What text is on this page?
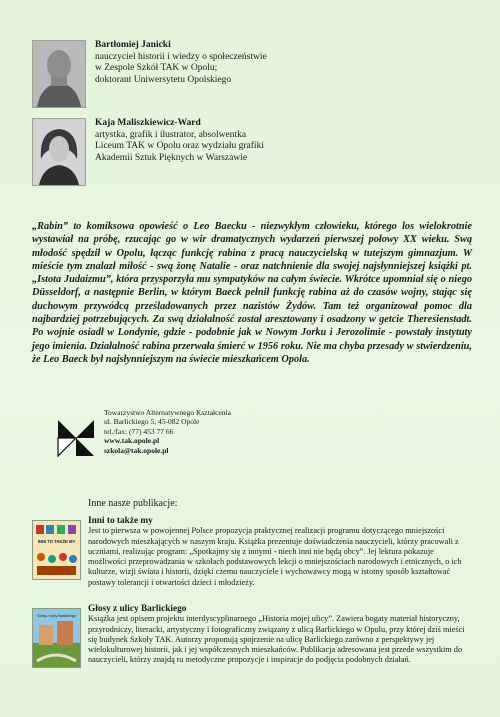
Bartłomiej Janicki
nauczyciel historii i wiedzy o społeczeństwie
w Zespole Szkół TAK w Opolu;
doktorant Uniwersytetu Opolskiego
Kaja Maliszkiewicz-Ward
artystka, grafik i ilustrator, absolwentka
Liceum TAK w Opolu oraz wydziału grafiki
Akademii Sztuk Pięknych w Warszawie
„Rabin” to komiksowa opowieść o Leo Baecku - niezwykłym człowieku, którego los wielokrotnie wystawiał na próbę, rzucając go w wir dramatycznych wydarzeń pierwszej połowy XX wieku. Swą młodość spędził w Opolu, łącząc funkcję rabina z pracą nauczycielską w tutejszym gimnazjum. W mieście tym znalazł miłość - swą żonę Natalie - oraz natchnienie dla swojej najsłynniejszej książki pt. „Istota Judaizmu”, która przysporzyła mu sympatyków na całym świecie. Wkrótce upomniał się o niego Düsseldorf, a następnie Berlin, w którym Baeck pełnił funkcję rabina aż do czasów wojny, stając się duchowym przywódcą prześladowanych przez nazistów Żydów. Tam też organizował pomoc dla najbardziej potrzebujących. Za swą działalność został aresztowany i osadzony w getcie Theresienstadt. Po wojnie osiadł w Londynie, gdzie - podobnie jak w Nowym Jorku i Jerozolimie - powstały instytuty jego imienia. Działalność rabina przerwała śmierć w 1956 roku. Nie ma chyba przesady w stwierdzeniu, że Leo Baeck był najsłynniejszym na świecie mieszkańcem Opola.
Towarzystwo Alternatywnego Kształcenia
ul. Barlickiego 5, 45-082 Opole
tel./fax: (77) 453 77 66
www.tak.opole.pl
szkola@tak.opole.pl
Inne nasze publikacje:
INNI TO TAKŻE MY
Inni to także my
Jest to pierwsza w powojennej Polsce propozycja praktycznej realizacji programu dotyczącego mniejszości narodowych mieszkających w naszym kraju. Książka prezentuje doświadczenia nauczycieli, którzy pracowali z uczniami, realizując program: „Spotkajmy się z innymi - niech inni nie będą obcy”. Jej lektura pokazuje możliwości przeprowadzania w szkołach podstawowych lekcji o mniejszościach narodowych i etnicznych, o ich kulturze, wizji świata i historii, dzięki czemu nauczyciele i wychowawcy mogą w istotny sposób kształtować postawy tolerancji i otwartości dzieci i młodzieży.
Głosy z ulicy Barlickiego
Głosy z ulicy Barlickiego
Książka jest opisem projektu interdyscyplinarnego „Historia mojej ulicy”. Zawiera bogaty materiał historyczny, przyrodniczy, literacki, artystyczny i fotograficzny związany z ulicą Barlickiego w Opolu, przy której dziś mieści się budynek Szkoły TAK. Autorzy proponują spojrzenie na ulicę Barlickiego zarówno z perspektywy jej wielokulturowej historii, jak i jej współczesnych mieszkańców. Publikacja adresowana jest przede wszystkim do nauczycieli, którzy znajdą tu metodyczne propozycje i inspiracje do podjęcia podobnych działań.
